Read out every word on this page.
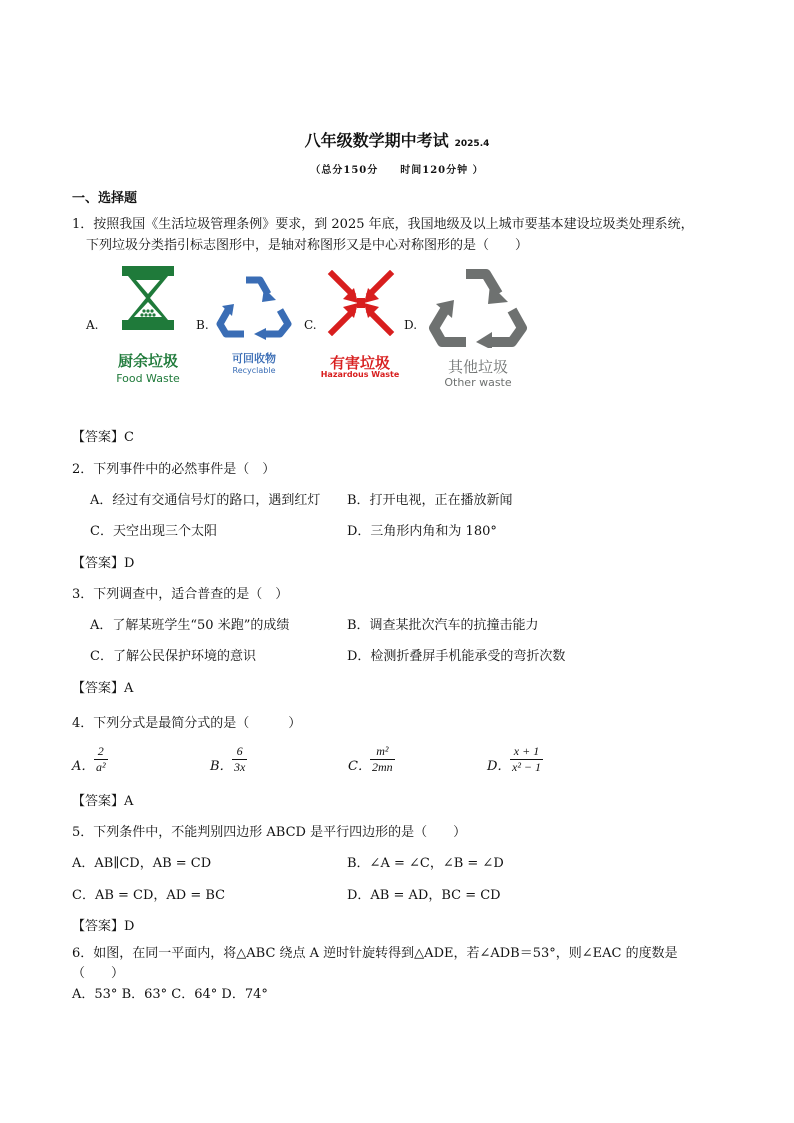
八年级数学期中考试 2025.4
（总分150分　　时间120分钟 ）
一、选择题
1．按照我国《生活垃圾管理条例》要求，到 2025 年底，我国地级及以上城市要基本建设垃圾类处理系统，
下列垃圾分类指引标志图形中，是轴对称图形又是中心对称图形的是（　　）
A.	B.	C.	D.
厨余垃圾
Food Waste
可回收物
Recyclable	有害垃圾
Hazardous Waste	其他垃圾
Other waste
【答案】C
2．下列事件中的必然事件是（　）
A．经过有交通信号灯的路口，遇到红灯 B．打开电视，正在播放新闻
C．天空出现三个太阳	D．三角形内角和为 180°
【答案】D
3．下列调查中，适合普查的是（　）
A．了解某班学生“50 米跑”的成绩	B．调查某批次汽车的抗撞击能力
C．了解公民保护环境的意识	D．检测折叠屏手机能承受的弯折次数
【答案】A
4．下列分式是最简分式的是（　　　）
A． $\frac{2}{\text{a²}}$	B． $\frac{6}{3x}$	C． $\frac{\text{m²}}{2mn}$	D． $\frac{x + 1}{\text{x² − 1}}$
【答案】A
5．下列条件中，不能判别四边形 ABCD 是平行四边形的是（　　）
A．AB∥CD，AB = CD	B．∠A = ∠C，∠B = ∠D
C．AB = CD，AD = BC	D．AB = AD，BC = CD
【答案】D
6．如图，在同一平面内，将△ABC 绕点 A 逆时针旋转得到△ADE，若∠ADB＝53°，则∠EAC 的度数是
（　　）
A．53° B．63° C．64° D．74°
